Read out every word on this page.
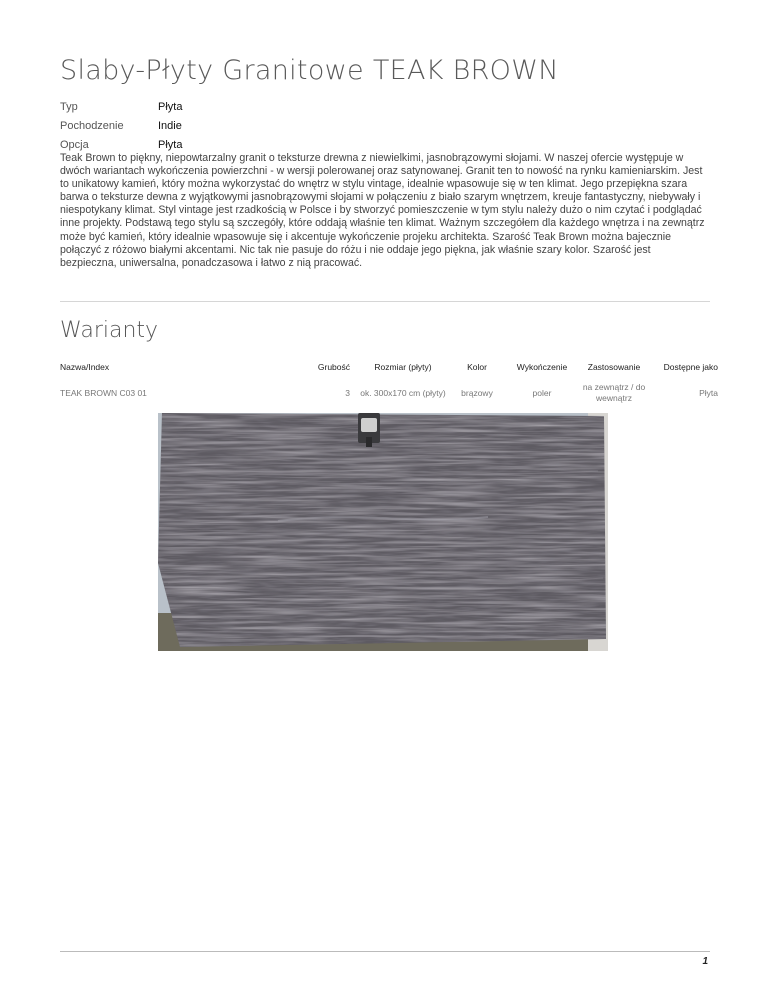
Slaby-Płyty Granitowe TEAK BROWN
Typ	Płyta
Pochodzenie	Indie
Opcja	Płyta

Teak Brown to piękny, niepowtarzalny granit o teksturze drewna z niewielkimi, jasnobrązowymi słojami. W naszej ofercie występuje w dwóch wariantach wykończenia powierzchni - w wersji polerowanej oraz satynowanej. Granit ten to nowość na rynku kamieniarskim. Jest to unikatowy kamień, który można wykorzystać do wnętrz w stylu vintage, idealnie wpasowuje się w ten klimat. Jego przepiękna szara barwa o teksturze dewna z wyjątkowymi jasnobrązowymi słojami w połączeniu z biało szarym wnętrzem, kreuje fantastyczny, niebywały i niespotykany klimat. Styl vintage jest rzadkością w Polsce i by stworzyć pomieszczenie w tym stylu należy dużo o nim czytać i podglądać inne projekty. Podstawą tego stylu są szczegóły, które oddają właśnie ten klimat. Ważnym szczegółem dla każdego wnętrza i na zewnątrz może być kamień, który idealnie wpasowuje się i akcentuje wykończenie projeku architekta. Szarość Teak Brown można bajecznie połączyć z różowo białymi akcentami. Nic tak nie pasuje do różu i nie oddaje jego piękna, jak właśnie szary kolor. Szarość jest bezpieczna, uniwersalna, ponadczasowa i łatwo z nią pracować.

Warianty
Nazwa/Index	Grubość	Rozmiar (płyty)	Kolor	Wykończenie	Zastosowanie	Dostępne jako
TEAK BROWN C03 01	3	ok. 300x170 cm (płyty)	brązowy	poler	na zewnątrz / do wewnątrz	Płyta
1
